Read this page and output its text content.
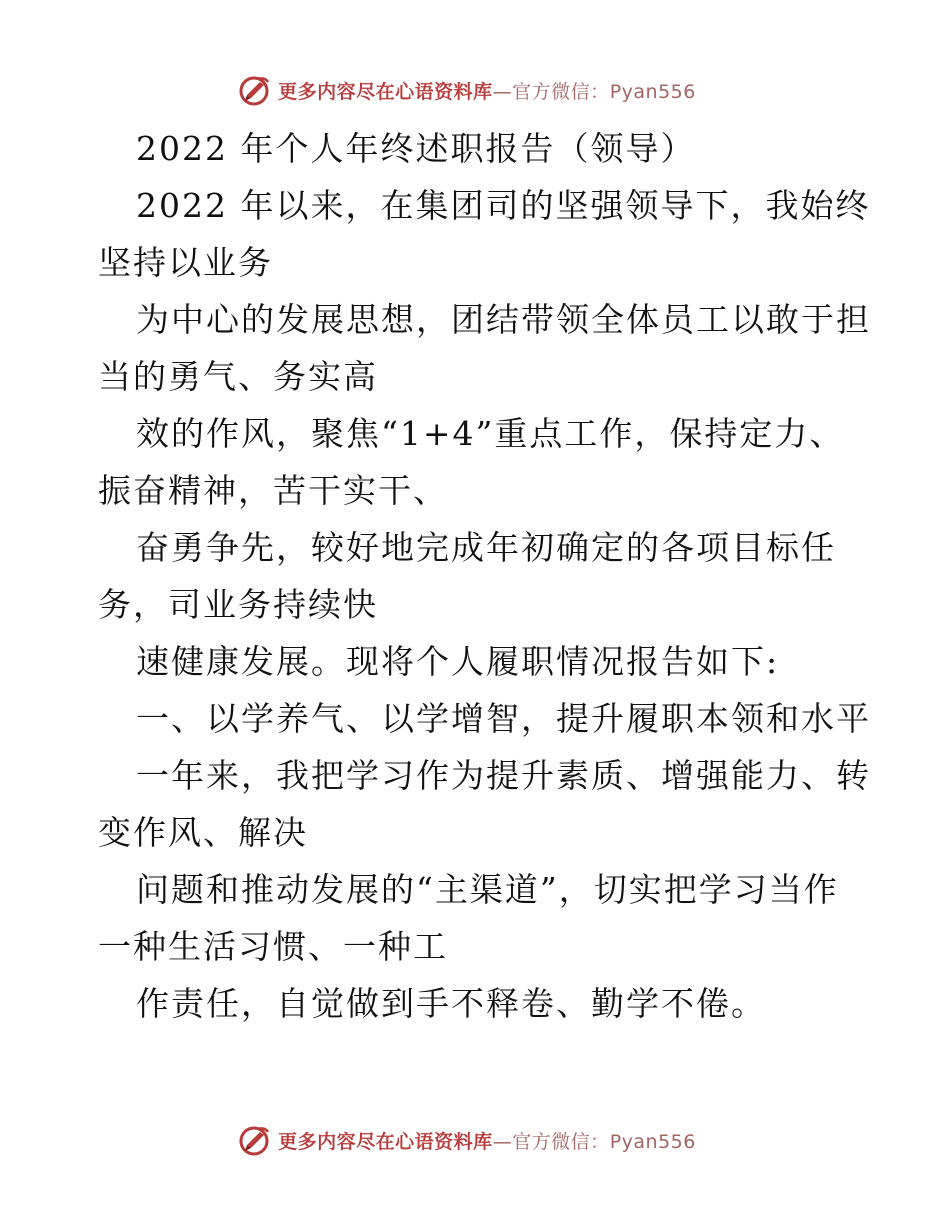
更多内容尽在心语资料库 — 官方微信： Pyan556
2022 年个人年终述职报告（领导）
2022 年以来，在集团司的坚强领导下，我始终
坚持以业务
为中心的发展思想，团结带领全体员工以敢于担
当的勇气、务实高
效的作风，聚焦“1+4”重点工作，保持定力、
振奋精神，苦干实干、
奋勇争先，较好地完成年初确定的各项目标任
务，司业务持续快
速健康发展。现将个人履职情况报告如下:
一、以学养气、以学增智，提升履职本领和水平
一年来，我把学习作为提升素质、增强能力、转
变作风、解决
问题和推动发展的“主渠道”，切实把学习当作
一种生活习惯、一种工
作责任，自觉做到手不释卷、勤学不倦。
更多内容尽在心语资料库 — 官方微信： Pyan556
